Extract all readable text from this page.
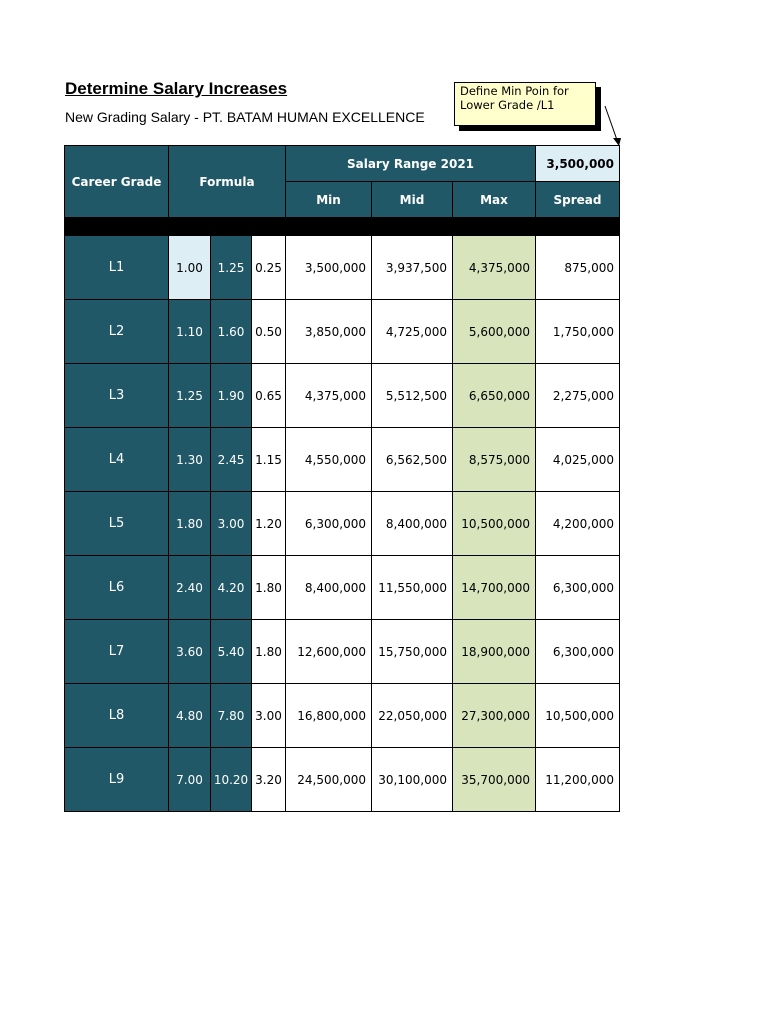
Determine Salary Increases

New Grading Salary - PT. BATAM HUMAN EXCELLENCE

Define Min Poin for
Lower Grade /L1
Career Grade	Formula			Salary Range 2021			3,500,000
				Min	Mid	Max	Spread

L1	1.00	1.25	0.25	3,500,000	3,937,500	4,375,000	875,000
L2	1.10	1.60	0.50	3,850,000	4,725,000	5,600,000	1,750,000
L3	1.25	1.90	0.65	4,375,000	5,512,500	6,650,000	2,275,000
L4	1.30	2.45	1.15	4,550,000	6,562,500	8,575,000	4,025,000
L5	1.80	3.00	1.20	6,300,000	8,400,000	10,500,000	4,200,000
L6	2.40	4.20	1.80	8,400,000	11,550,000	14,700,000	6,300,000
L7	3.60	5.40	1.80	12,600,000	15,750,000	18,900,000	6,300,000
L8	4.80	7.80	3.00	16,800,000	22,050,000	27,300,000	10,500,000
L9	7.00	10.20	3.20	24,500,000	30,100,000	35,700,000	11,200,000
